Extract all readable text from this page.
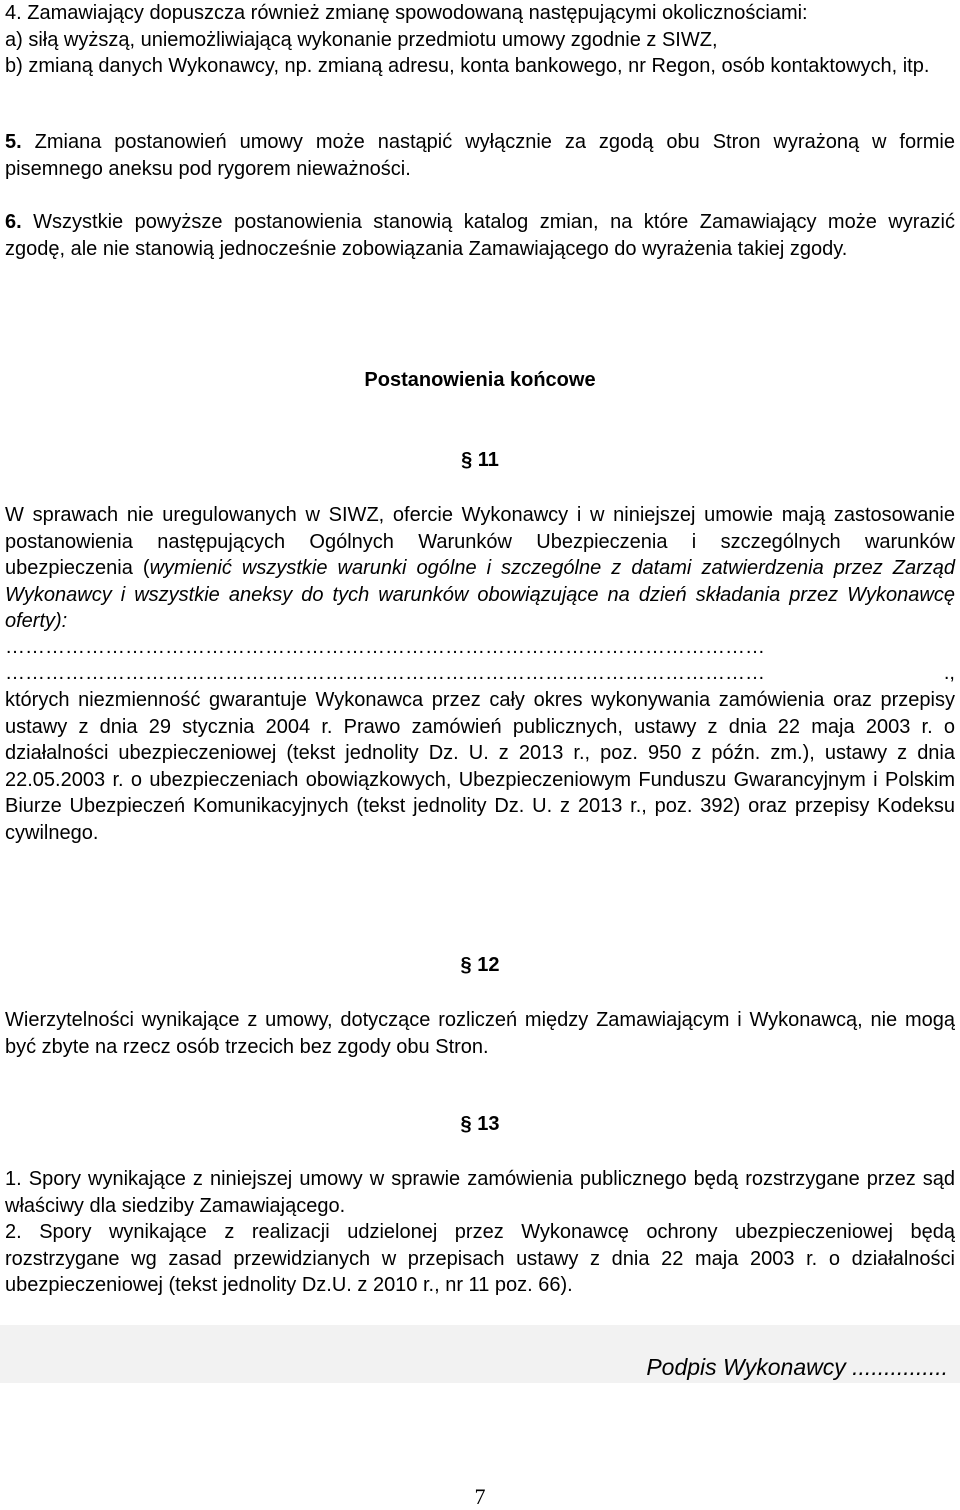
4. Zamawiający dopuszcza również zmianę spowodowaną następującymi okolicznościami:
a) siłą wyższą, uniemożliwiającą wykonanie przedmiotu umowy zgodnie z SIWZ,
b) zmianą danych Wykonawcy, np. zmianą adresu, konta bankowego, nr Regon, osób kontaktowych, itp.
5. Zmiana postanowień umowy może nastąpić wyłącznie za zgodą obu Stron wyrażoną w formie pisemnego aneksu pod rygorem nieważności.
6. Wszystkie powyższe postanowienia stanowią katalog zmian, na które Zamawiający może wyrazić zgodę, ale nie stanowią jednocześnie zobowiązania Zamawiającego do wyrażenia takiej zgody.
Postanowienia końcowe
§ 11
W sprawach nie uregulowanych w SIWZ, ofercie Wykonawcy i w niniejszej umowie mają zastosowanie postanowienia następujących Ogólnych Warunków Ubezpieczenia i szczególnych warunków ubezpieczenia (wymienić wszystkie warunki ogólne i szczególne z datami zatwierdzenia przez Zarząd Wykonawcy i wszystkie aneksy do tych warunków obowiązujące na dzień składania przez Wykonawcę oferty):
……………………………………………………………………………………………………
……………………………………………………………………………………………………	.,
których niezmienność gwarantuje Wykonawca przez cały okres wykonywania zamówienia oraz przepisy ustawy z dnia 29 stycznia 2004 r. Prawo zamówień publicznych, ustawy z dnia 22 maja 2003 r. o działalności ubezpieczeniowej (tekst jednolity Dz. U. z 2013 r., poz. 950 z późn. zm.), ustawy z dnia 22.05.2003 r. o ubezpieczeniach obowiązkowych, Ubezpieczeniowym Funduszu Gwarancyjnym i Polskim Biurze Ubezpieczeń Komunikacyjnych (tekst jednolity Dz. U. z 2013 r., poz. 392) oraz przepisy Kodeksu cywilnego.
§ 12
Wierzytelności wynikające z umowy, dotyczące rozliczeń między Zamawiającym i Wykonawcą, nie mogą być zbyte na rzecz osób trzecich bez zgody obu Stron.
§ 13
1. Spory wynikające z niniejszej umowy w sprawie zamówienia publicznego będą rozstrzygane przez sąd właściwy dla siedziby Zamawiającego.
2. Spory wynikające z realizacji udzielonej przez Wykonawcę ochrony ubezpieczeniowej będą rozstrzygane wg zasad przewidzianych w przepisach ustawy z dnia 22 maja 2003 r. o działalności ubezpieczeniowej (tekst jednolity Dz.U. z 2010 r., nr 11 poz. 66).
Podpis Wykonawcy ...............
7
